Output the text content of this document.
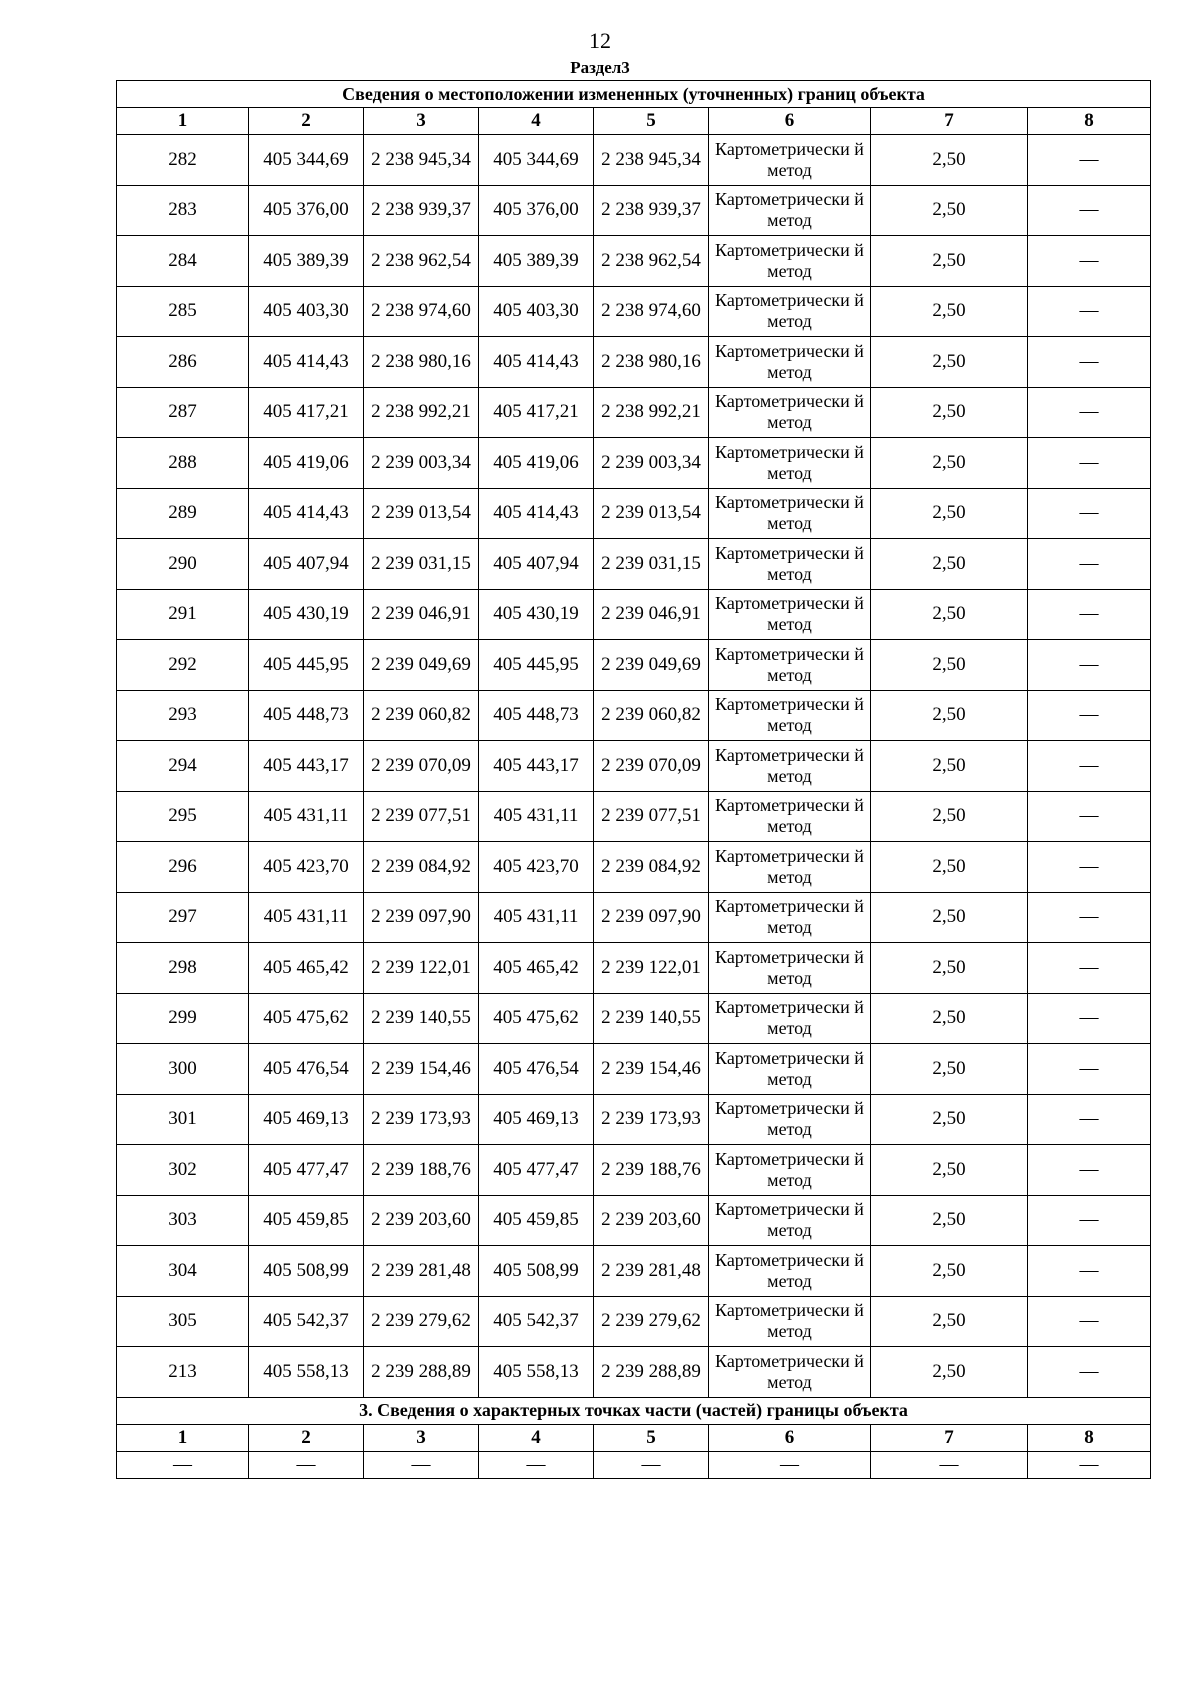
12
Раздел3
Сведения о местоположении измененных (уточненных) границ объекта							
1	2	3	4	5	6	7	8
282	405 344,69	2 238 945,34	405 344,69	2 238 945,34	Картометрически й метод	2,50	—
283	405 376,00	2 238 939,37	405 376,00	2 238 939,37	Картометрически й метод	2,50	—
284	405 389,39	2 238 962,54	405 389,39	2 238 962,54	Картометрически й метод	2,50	—
285	405 403,30	2 238 974,60	405 403,30	2 238 974,60	Картометрически й метод	2,50	—
286	405 414,43	2 238 980,16	405 414,43	2 238 980,16	Картометрически й метод	2,50	—
287	405 417,21	2 238 992,21	405 417,21	2 238 992,21	Картометрически й метод	2,50	—
288	405 419,06	2 239 003,34	405 419,06	2 239 003,34	Картометрически й метод	2,50	—
289	405 414,43	2 239 013,54	405 414,43	2 239 013,54	Картометрически й метод	2,50	—
290	405 407,94	2 239 031,15	405 407,94	2 239 031,15	Картометрически й метод	2,50	—
291	405 430,19	2 239 046,91	405 430,19	2 239 046,91	Картометрически й метод	2,50	—
292	405 445,95	2 239 049,69	405 445,95	2 239 049,69	Картометрически й метод	2,50	—
293	405 448,73	2 239 060,82	405 448,73	2 239 060,82	Картометрически й метод	2,50	—
294	405 443,17	2 239 070,09	405 443,17	2 239 070,09	Картометрически й метод	2,50	—
295	405 431,11	2 239 077,51	405 431,11	2 239 077,51	Картометрически й метод	2,50	—
296	405 423,70	2 239 084,92	405 423,70	2 239 084,92	Картометрически й метод	2,50	—
297	405 431,11	2 239 097,90	405 431,11	2 239 097,90	Картометрически й метод	2,50	—
298	405 465,42	2 239 122,01	405 465,42	2 239 122,01	Картометрически й метод	2,50	—
299	405 475,62	2 239 140,55	405 475,62	2 239 140,55	Картометрически й метод	2,50	—
300	405 476,54	2 239 154,46	405 476,54	2 239 154,46	Картометрически й метод	2,50	—
301	405 469,13	2 239 173,93	405 469,13	2 239 173,93	Картометрически й метод	2,50	—
302	405 477,47	2 239 188,76	405 477,47	2 239 188,76	Картометрически й метод	2,50	—
303	405 459,85	2 239 203,60	405 459,85	2 239 203,60	Картометрически й метод	2,50	—
304	405 508,99	2 239 281,48	405 508,99	2 239 281,48	Картометрически й метод	2,50	—
305	405 542,37	2 239 279,62	405 542,37	2 239 279,62	Картометрически й метод	2,50	—
213	405 558,13	2 239 288,89	405 558,13	2 239 288,89	Картометрически й метод	2,50	—
3. Сведения о характерных точках части (частей) границы объекта							
1	2	3	4	5	6	7	8
—	—	—	—	—	—	—	—
